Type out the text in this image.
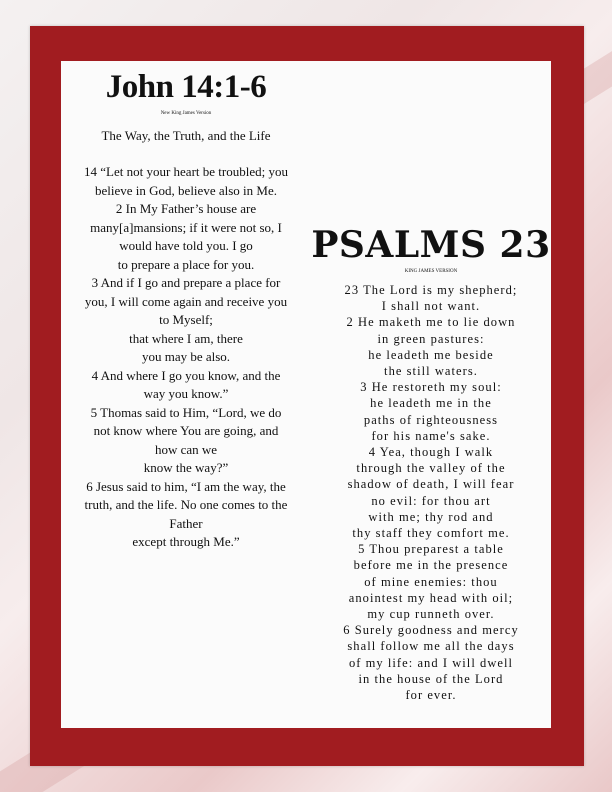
John 14:1-6
New King James Version
The Way, the Truth, and the Life
14 “Let not your heart be troubled; you
believe in God, believe also in Me.
2 In My Father’s house are
many[a]mansions; if it were not so, I
would have told you. I go
to prepare a place for you.
3 And if I go and prepare a place for
you, I will come again and receive you
to Myself;
that where I am, there
you may be also.
4 And where I go you know, and the
way you know.”
5 Thomas said to Him, “Lord, we do
not know where You are going, and
how can we
know the way?”
6 Jesus said to him, “I am the way, the
truth, and the life. No one comes to the
Father
except through Me.”
PSALMS 23
KING JAMES VERSION
23 The Lord is my shepherd;
I shall not want.
2 He maketh me to lie down
in green pastures:
he leadeth me beside
the still waters.
3 He restoreth my soul:
he leadeth me in the
paths of righteousness
for his name's sake.
4 Yea, though I walk
through the valley of the
shadow of death, I will fear
no evil: for thou art
with me; thy rod and
thy staff they comfort me.
5 Thou preparest a table
before me in the presence
of mine enemies: thou
anointest my head with oil;
my cup runneth over.
6 Surely goodness and mercy
shall follow me all the days
of my life: and I will dwell
in the house of the Lord
for ever.
